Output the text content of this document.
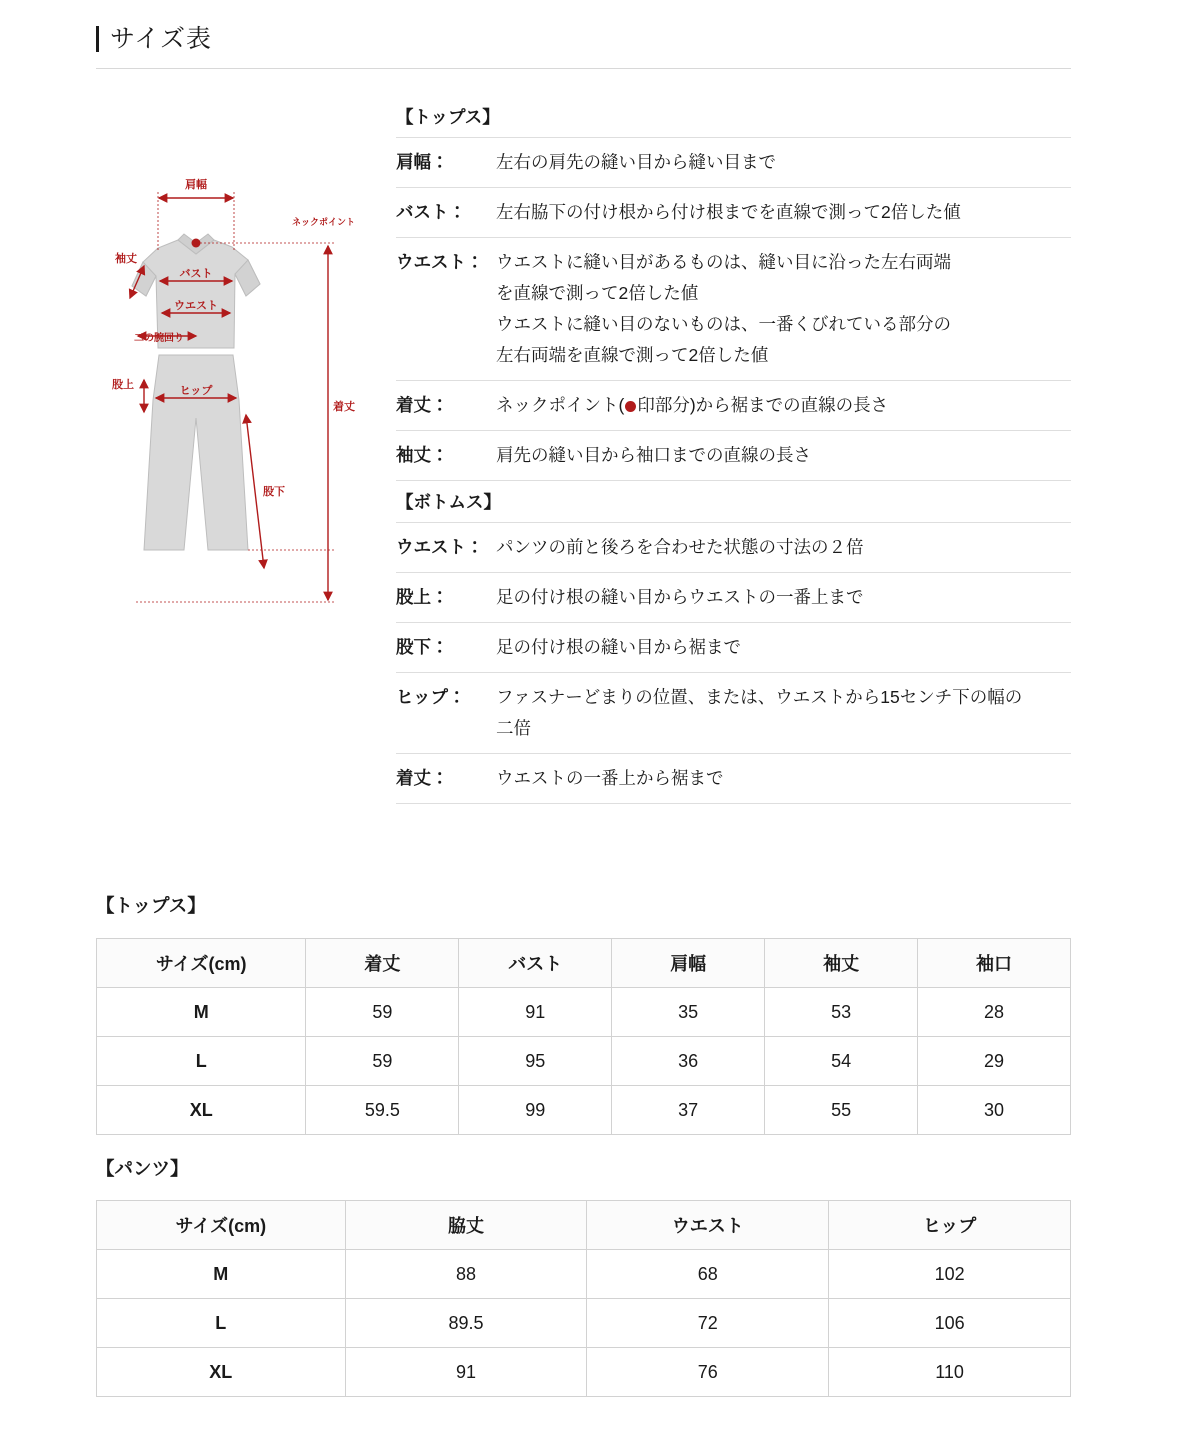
サイズ表
肩幅
ネックポイント
袖丈
バスト
ウエスト
二の腕回り
股上	ヒップ
着丈
股下
【トップス】
肩幅：	左右の肩先の縫い目から縫い目まで
バスト：	左右脇下の付け根から付け根までを直線で測って2倍した値
ウエスト： ウエストに縫い目があるものは、縫い目に沿った左右両端
を直線で測って2倍した値
ウエストに縫い目のないものは、一番くびれている部分の
左右両端を直線で測って2倍した値
着丈：	ネックポイント( 印部分)から裾までの直線の長さ
袖丈：	肩先の縫い目から袖口までの直線の長さ
【ボトムス】
ウエスト： パンツの前と後ろを合わせた状態の寸法の２倍
股上：	足の付け根の縫い目からウエストの一番上まで
股下：	足の付け根の縫い目から裾まで
ヒップ：	ファスナーどまりの位置、または、ウエストから15センチ下の幅の
二倍
着丈：	ウエストの一番上から裾まで
【トップス】
サイズ(cm)	着丈	バスト	肩幅	袖丈	袖口
M	59	91	35	53	28
L	59	95	36	54	29
XL	59.5	99	37	55	30
【パンツ】
サイズ(cm)	脇丈	ウエスト	ヒップ
M	88	68	102
L	89.5	72	106
XL	91	76	110
